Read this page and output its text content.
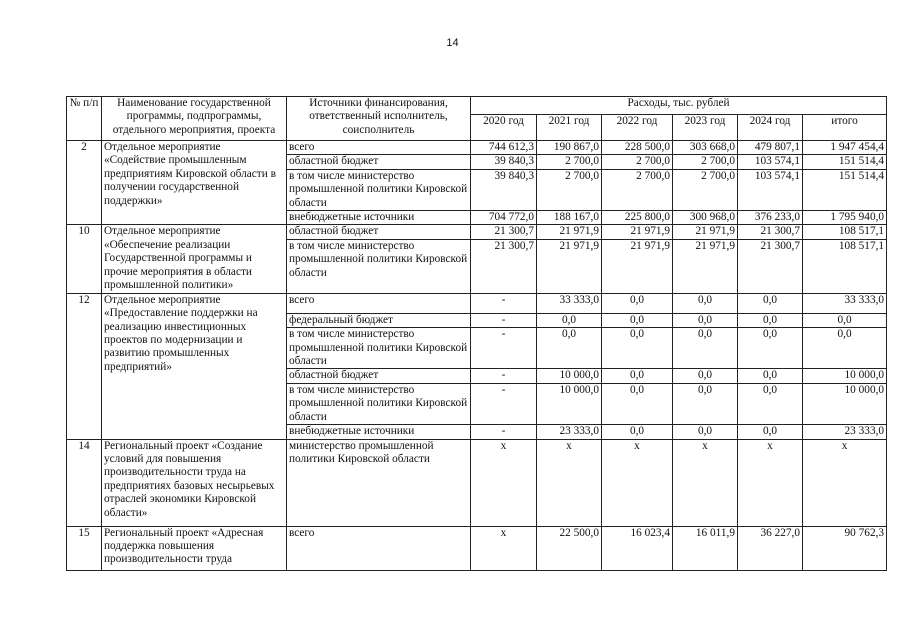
14
№ п/п	Наименование государственной программы, подпрограммы, отдельного мероприятия, проекта	Источники финансирования, ответственный исполнитель, соисполнитель	Расходы, тыс. рублей					
			2020 год	2021 год	2022 год	2023 год	2024 год	итого
2	Отдельное мероприятие «Содействие промышленным предприятиям Кировской области в получении государственной поддержки»	всего	744 612,3	190 867,0	228 500,0	303 668,0	479 807,1	1 947 454,4
		областной бюджет	39 840,3	2 700,0	2 700,0	2 700,0	103 574,1	151 514,4
		в том числе министерство промышленной политики Кировской области	39 840,3	2 700,0	2 700,0	2 700,0	103 574,1	151 514,4
		внебюджетные источники	704 772,0	188 167,0	225 800,0	300 968,0	376 233,0	1 795 940,0
10	Отдельное мероприятие «Обеспечение реализации Государственной программы и прочие мероприятия в области промышленной политики»	областной бюджет	21 300,7	21 971,9	21 971,9	21 971,9	21 300,7	108 517,1
		в том числе министерство промышленной политики Кировской области	21 300,7	21 971,9	21 971,9	21 971,9	21 300,7	108 517,1
12	Отдельное мероприятие «Предоставление поддержки на реализацию инвестиционных проектов по модернизации и развитию промышленных предприятий»	всего	-	33 333,0	0,0	0,0	0,0	33 333,0
		федеральный бюджет	-	0,0	0,0	0,0	0,0	0,0
		в том числе министерство промышленной политики Кировской области	-	0,0	0,0	0,0	0,0	0,0
		областной бюджет	-	10 000,0	0,0	0,0	0,0	10 000,0
		в том числе министерство промышленной политики Кировской области	-	10 000,0	0,0	0,0	0,0	10 000,0
		внебюджетные источники	-	23 333,0	0,0	0,0	0,0	23 333,0
14	Региональный проект «Создание условий для повышения производительности труда на предприятиях базовых несырьевых отраслей экономики Кировской области»	министерство промышленной политики Кировской области	x	x	x	x	x	x
15	Региональный проект «Адресная поддержка повышения производительности труда	всего	x	22 500,0	16 023,4	16 011,9	36 227,0	90 762,3
